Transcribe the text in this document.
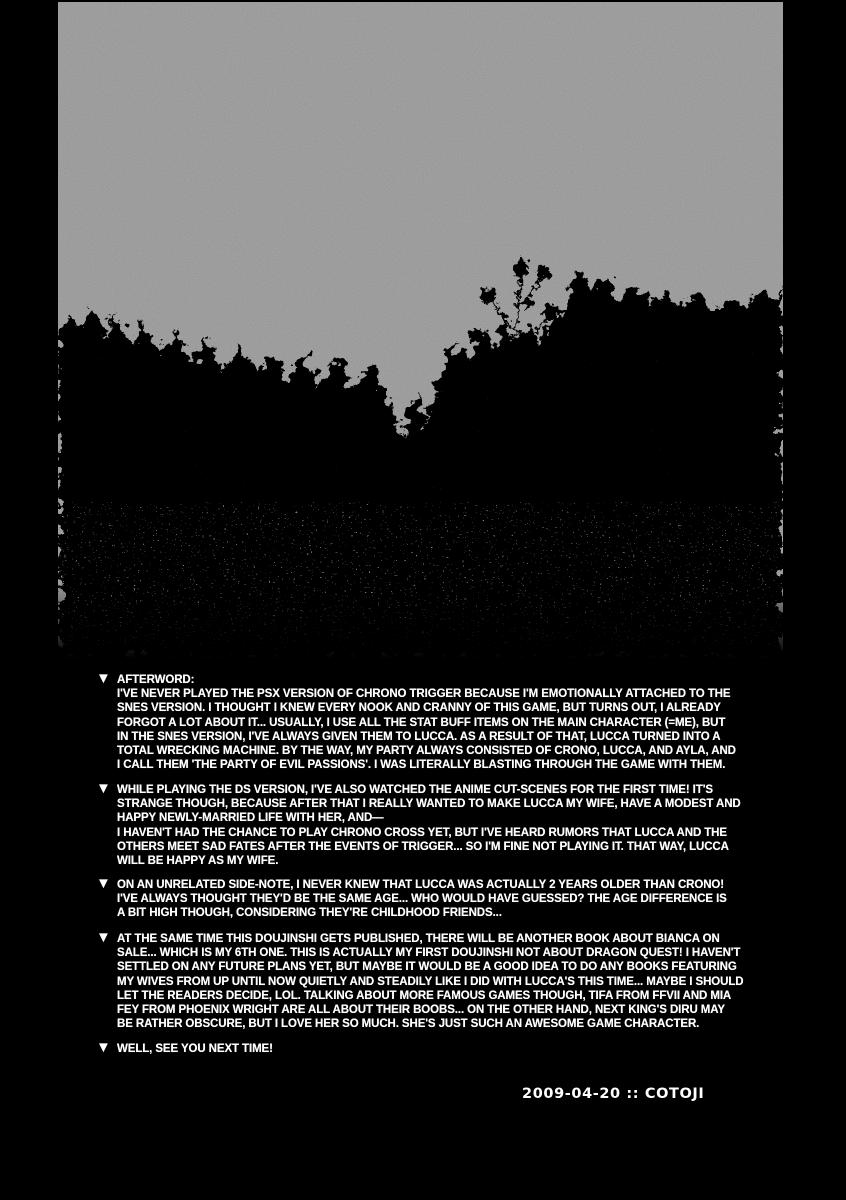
▼ AFTERWORD:
I'VE NEVER PLAYED THE PSX VERSION OF CHRONO TRIGGER BECAUSE I'M EMOTIONALLY ATTACHED TO THE
SNES VERSION. I THOUGHT I KNEW EVERY NOOK AND CRANNY OF THIS GAME, BUT TURNS OUT, I ALREADY
FORGOT A LOT ABOUT IT... USUALLY, I USE ALL THE STAT BUFF ITEMS ON THE MAIN CHARACTER (=ME), BUT
IN THE SNES VERSION, I'VE ALWAYS GIVEN THEM TO LUCCA. AS A RESULT OF THAT, LUCCA TURNED INTO A
TOTAL WRECKING MACHINE. BY THE WAY, MY PARTY ALWAYS CONSISTED OF CRONO, LUCCA, AND AYLA, AND
I CALL THEM 'THE PARTY OF EVIL PASSIONS'. I WAS LITERALLY BLASTING THROUGH THE GAME WITH THEM.
▼ WHILE PLAYING THE DS VERSION, I'VE ALSO WATCHED THE ANIME CUT-SCENES FOR THE FIRST TIME! IT'S
STRANGE THOUGH, BECAUSE AFTER THAT I REALLY WANTED TO MAKE LUCCA MY WIFE, HAVE A MODEST AND
HAPPY NEWLY-MARRIED LIFE WITH HER, AND—
I HAVEN'T HAD THE CHANCE TO PLAY CHRONO CROSS YET, BUT I'VE HEARD RUMORS THAT LUCCA AND THE
OTHERS MEET SAD FATES AFTER THE EVENTS OF TRIGGER... SO I'M FINE NOT PLAYING IT. THAT WAY, LUCCA
WILL BE HAPPY AS MY WIFE.
▼ ON AN UNRELATED SIDE-NOTE, I NEVER KNEW THAT LUCCA WAS ACTUALLY 2 YEARS OLDER THAN CRONO!
I'VE ALWAYS THOUGHT THEY'D BE THE SAME AGE... WHO WOULD HAVE GUESSED? THE AGE DIFFERENCE IS
A BIT HIGH THOUGH, CONSIDERING THEY'RE CHILDHOOD FRIENDS...
▼ AT THE SAME TIME THIS DOUJINSHI GETS PUBLISHED, THERE WILL BE ANOTHER BOOK ABOUT BIANCA ON
SALE... WHICH IS MY 6TH ONE. THIS IS ACTUALLY MY FIRST DOUJINSHI NOT ABOUT DRAGON QUEST! I HAVEN'T
SETTLED ON ANY FUTURE PLANS YET, BUT MAYBE IT WOULD BE A GOOD IDEA TO DO ANY BOOKS FEATURING
MY WIVES FROM UP UNTIL NOW QUIETLY AND STEADILY LIKE I DID WITH LUCCA'S THIS TIME... MAYBE I SHOULD
LET THE READERS DECIDE, LOL. TALKING ABOUT MORE FAMOUS GAMES THOUGH, TIFA FROM FFVII AND MIA
FEY FROM PHOENIX WRIGHT ARE ALL ABOUT THEIR BOOBS... ON THE OTHER HAND, NEXT KING'S DIRU MAY
BE RATHER OBSCURE, BUT I LOVE HER SO MUCH. SHE'S JUST SUCH AN AWESOME GAME CHARACTER.
▼ WELL, SEE YOU NEXT TIME!
2009-04-20 :: COTOJI
